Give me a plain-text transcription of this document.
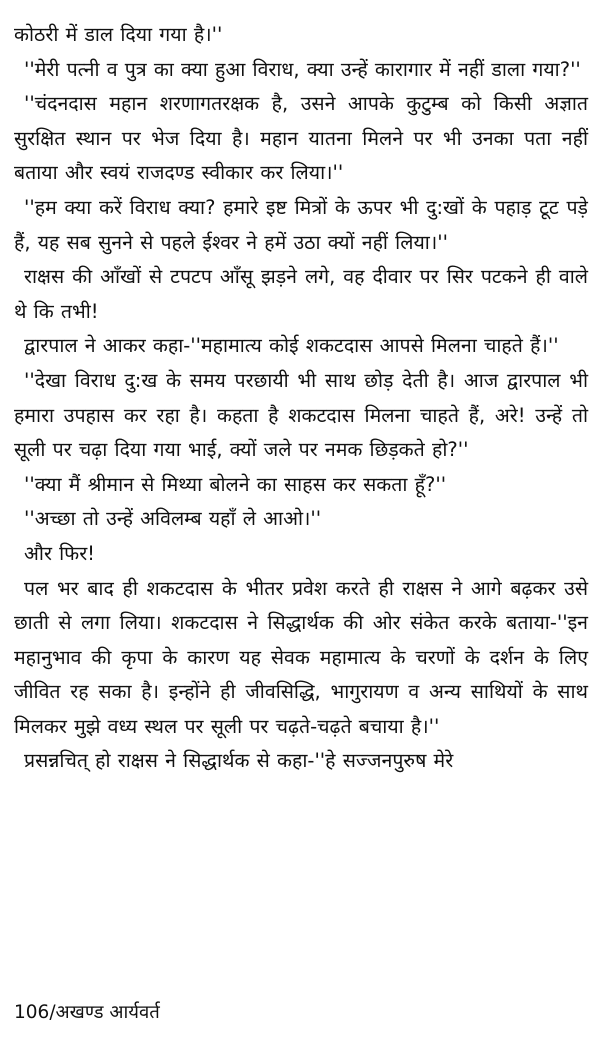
कोठरी में डाल दिया गया है।''

''मेरी पत्नी व पुत्र का क्या हुआ विराध, क्या उन्हें कारागार में नहीं डाला गया?''

''चंदनदास महान शरणागतरक्षक है, उसने आपके कुटुम्ब को किसी अज्ञात सुरक्षित स्थान पर भेज दिया है। महान यातना मिलने पर भी उनका पता नहीं बताया और स्वयं राजदण्ड स्वीकार कर लिया।''

''हम क्या करें विराध क्या? हमारे इष्ट मित्रों के ऊपर भी दु:खों के पहाड़ टूट पड़े हैं, यह सब सुनने से पहले ईश्वर ने हमें उठा क्यों नहीं लिया।''

राक्षस की आँखों से टपटप आँसू झड़ने लगे, वह दीवार पर सिर पटकने ही वाले थे कि तभी!

द्वारपाल ने आकर कहा-''महामात्य कोई शकटदास आपसे मिलना चाहते हैं।''

''देखा विराध दु:ख के समय परछायी भी साथ छोड़ देती है। आज द्वारपाल भी हमारा उपहास कर रहा है। कहता है शकटदास मिलना चाहते हैं, अरे! उन्हें तो सूली पर चढ़ा दिया गया भाई, क्यों जले पर नमक छिड़कते हो?''

''क्या मैं श्रीमान से मिथ्या बोलने का साहस कर सकता हूँ?''

''अच्छा तो उन्हें अविलम्ब यहाँ ले आओ।''

और फिर!

पल भर बाद ही शकटदास के भीतर प्रवेश करते ही राक्षस ने आगे बढ़कर उसे छाती से लगा लिया। शकटदास ने सिद्धार्थक की ओर संकेत करके बताया-''इन महानुभाव की कृपा के कारण यह सेवक महामात्य के चरणों के दर्शन के लिए जीवित रह सका है। इन्होंने ही जीवसिद्धि, भागुरायण व अन्य साथियों के साथ मिलकर मुझे वध्य स्थल पर सूली पर चढ़ते-चढ़ते बचाया है।''

प्रसन्नचित् हो राक्षस ने सिद्धार्थक से कहा-''हे सज्जनपुरुष मेरे

106/अखण्ड आर्यवर्त
